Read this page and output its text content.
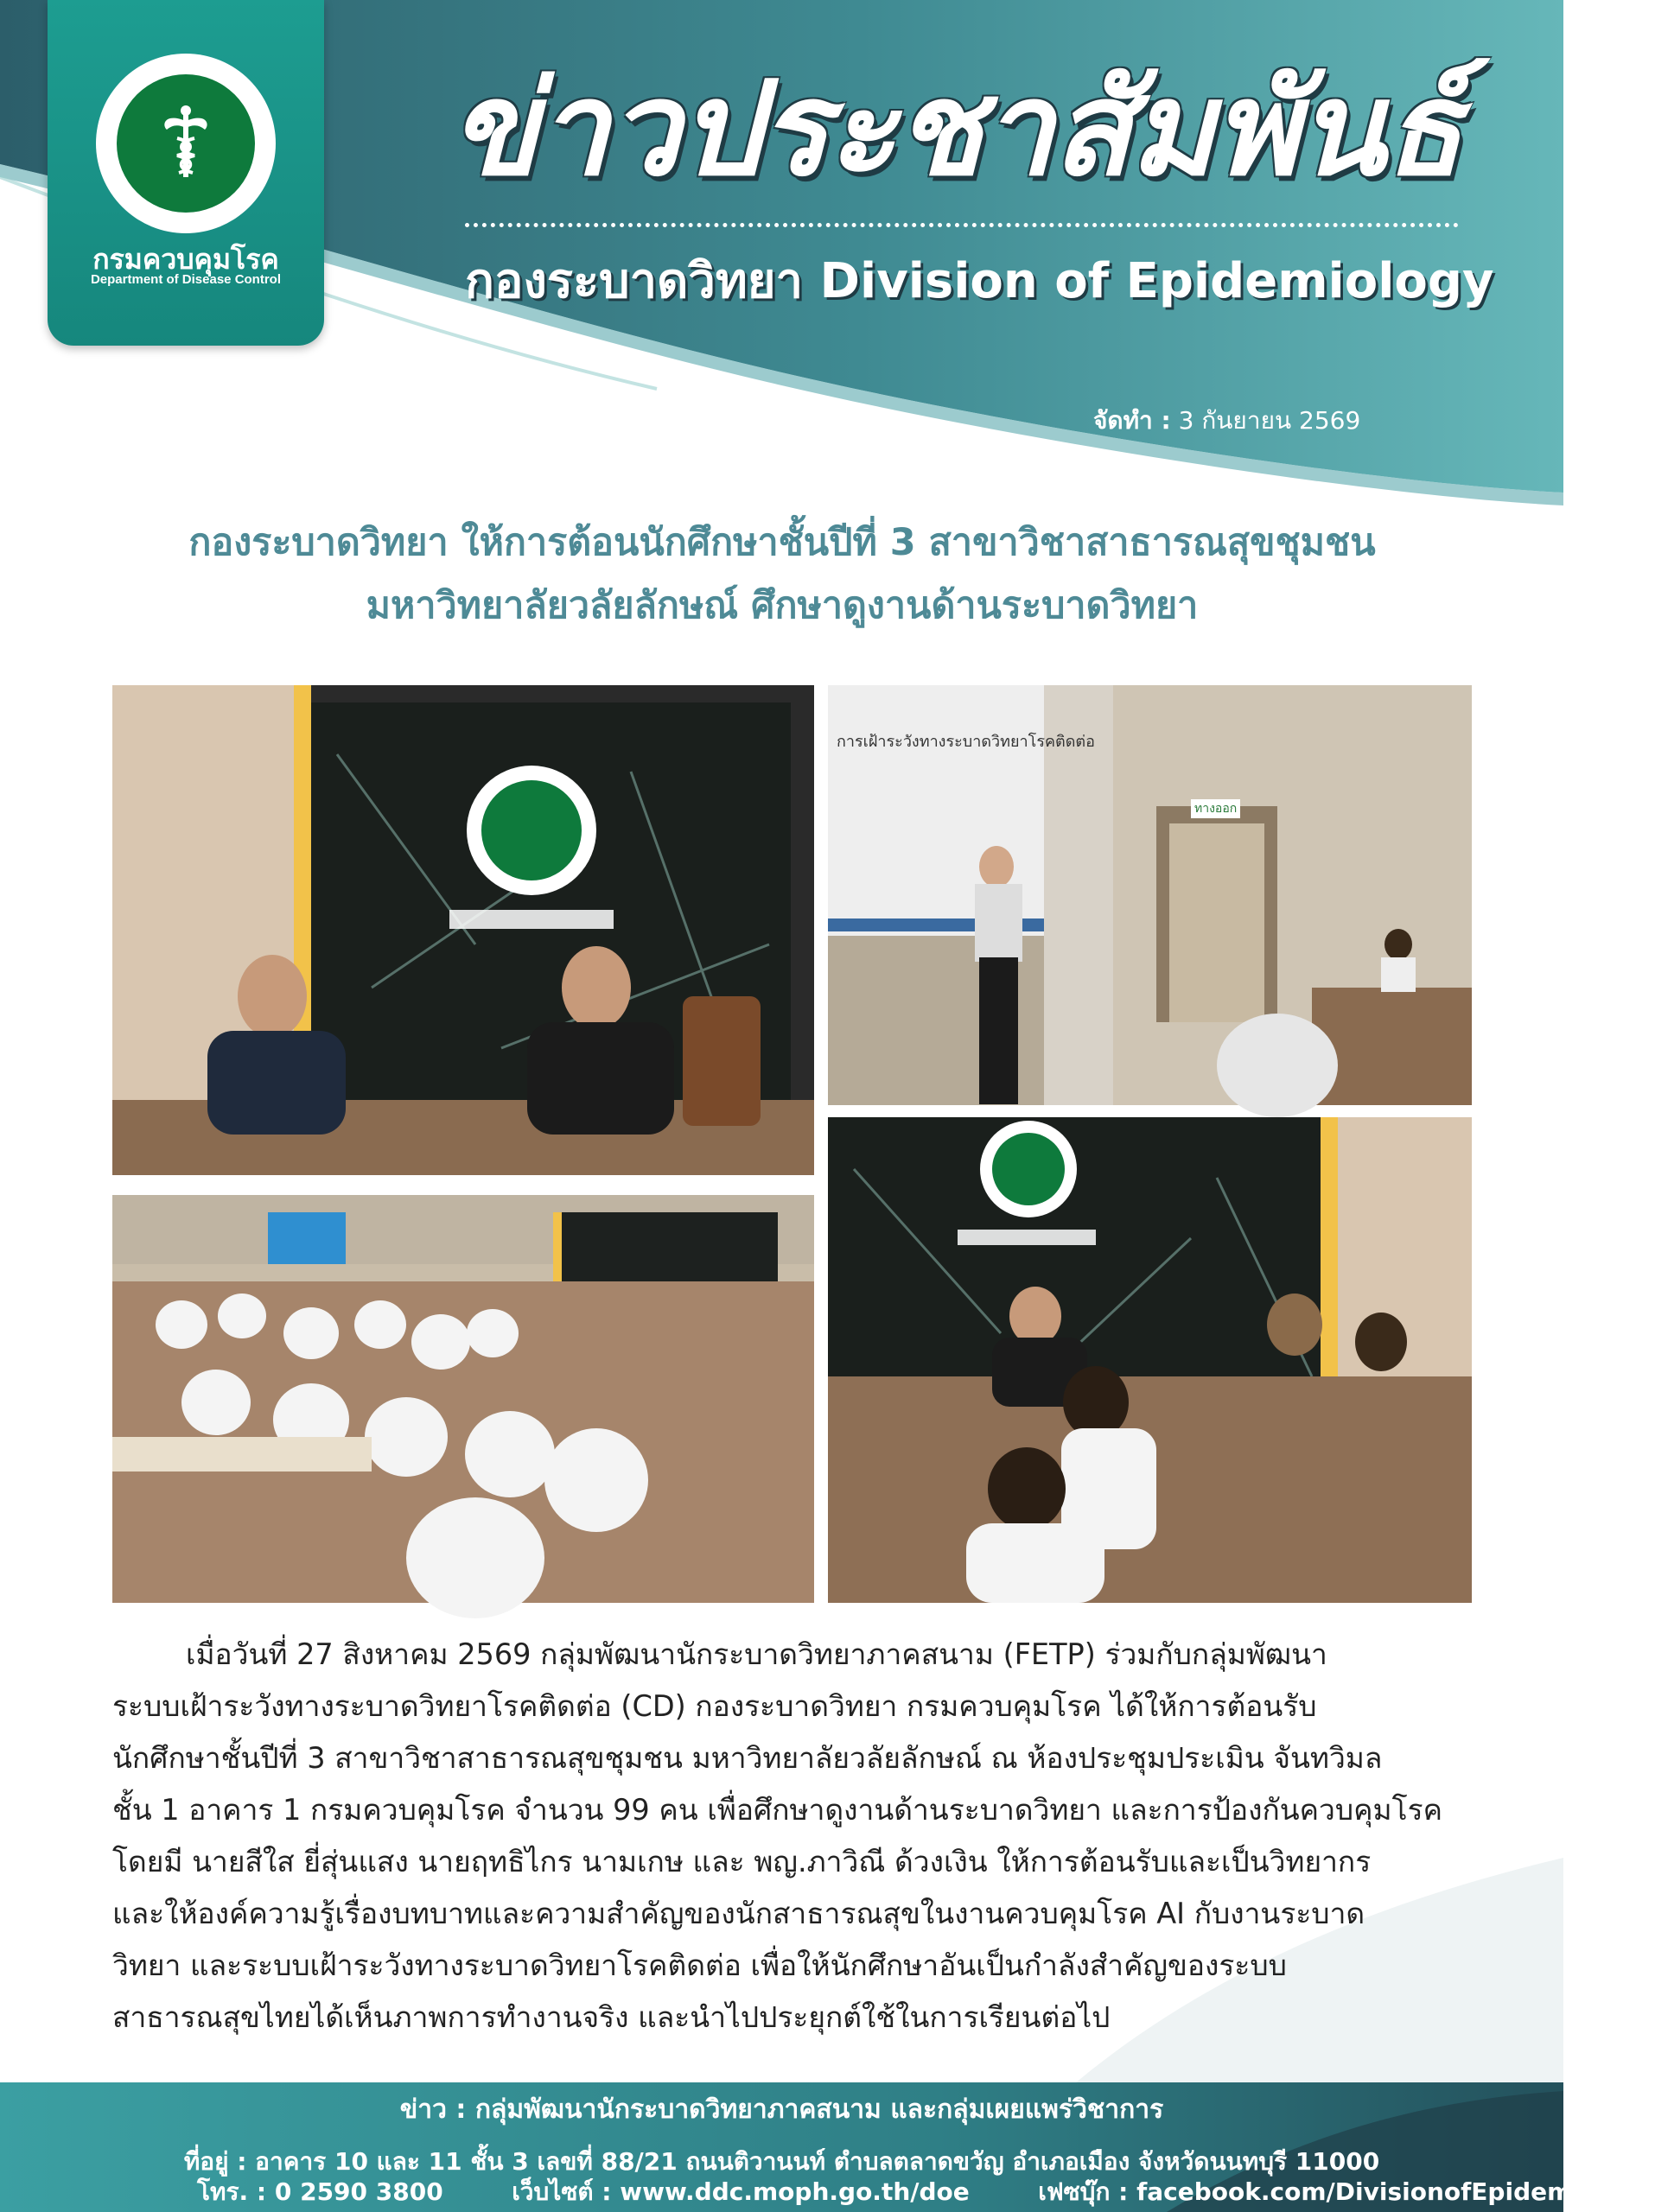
กรมควบคุมโรค
Department of Disease Control
ข่าวประชาสัมพันธ์
กองระบาดวิทยา Division of Epidemiology
จัดทำ : 3 กันยายน 2569
กองระบาดวิทยา ให้การต้อนนักศึกษาชั้นปีที่ 3 สาขาวิชาสาธารณสุขชุมชน
มหาวิทยาลัยวลัยลักษณ์ ศึกษาดูงานด้านระบาดวิทยา
การเฝ้าระวังทางระบาดวิทยาโรคติดต่อ
ทางออก
เมื่อวันที่ 27 สิงหาคม 2569 กลุ่มพัฒนานักระบาดวิทยาภาคสนาม (FETP) ร่วมกับกลุ่มพัฒนา
ระบบเฝ้าระวังทางระบาดวิทยาโรคติดต่อ (CD) กองระบาดวิทยา กรมควบคุมโรค ได้ให้การต้อนรับ
นักศึกษาชั้นปีที่ 3 สาขาวิชาสาธารณสุขชุมชน มหาวิทยาลัยวลัยลักษณ์ ณ ห้องประชุมประเมิน จันทวิมล
ชั้น 1 อาคาร 1 กรมควบคุมโรค จำนวน 99 คน เพื่อศึกษาดูงานด้านระบาดวิทยา และการป้องกันควบคุมโรค
โดยมี นายสีใส ยี่สุ่นแสง นายฤทธิไกร นามเกษ และ พญ.ภาวิณี ด้วงเงิน ให้การต้อนรับและเป็นวิทยากร
และให้องค์ความรู้เรื่องบทบาทและความสำคัญของนักสาธารณสุขในงานควบคุมโรค AI กับงานระบาด
วิทยา และระบบเฝ้าระวังทางระบาดวิทยาโรคติดต่อ เพื่อให้นักศึกษาอันเป็นกำลังสำคัญของระบบ
สาธารณสุขไทยได้เห็นภาพการทำงานจริง และนำไปประยุกต์ใช้ในการเรียนต่อไป
ข่าว : กลุ่มพัฒนานักระบาดวิทยาภาคสนาม และกลุ่มเผยแพร่วิชาการ
ที่อยู่ : อาคาร 10 และ 11 ชั้น 3 เลขที่ 88/21 ถนนติวานนท์ ตำบลตลาดขวัญ อำเภอเมือง จังหวัดนนทบุรี 11000
โทร. : 0 2590 3800	เว็บไซต์ : www.ddc.moph.go.th/doe	เฟซบุ๊ก : facebook.com/DivisionofEpidemiology
